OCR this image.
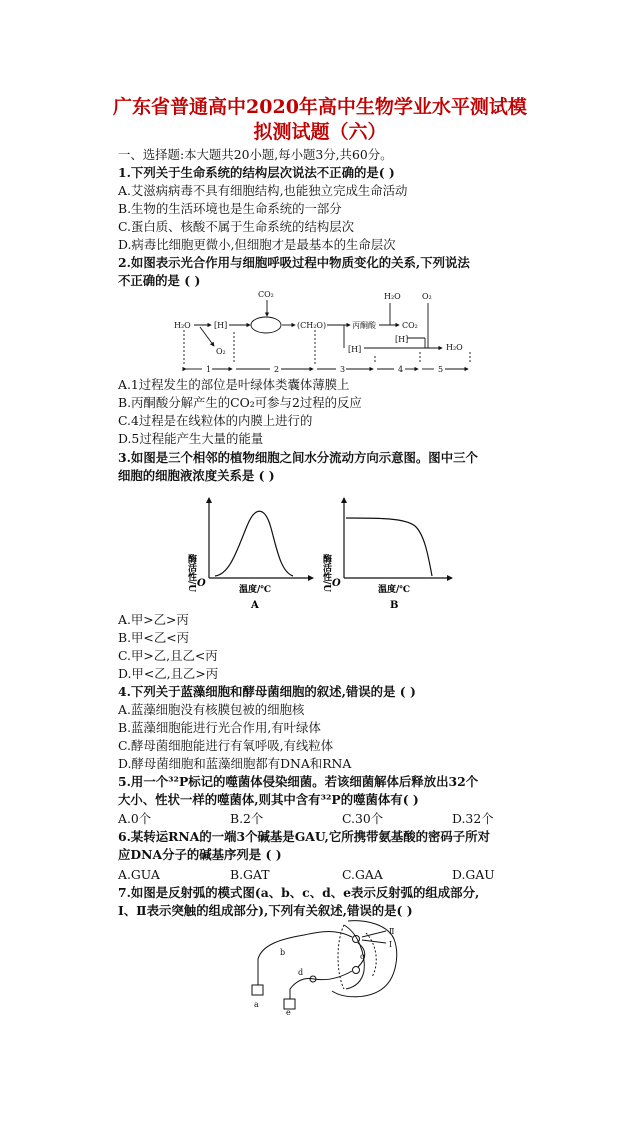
广东省普通高中2020年高中生物学业水平测试模
拟测试题（六）
一、选择题:本大题共20小题,每小题3分,共60分。
1.下列关于生命系统的结构层次说法不正确的是( )
A.艾滋病病毒不具有细胞结构,也能独立完成生命活动
B.生物的生活环境也是生命系统的一部分
C.蛋白质、核酸不属于生命系统的结构层次
D.病毒比细胞更微小,但细胞才是最基本的生命层次
2.如图表示光合作用与细胞呼吸过程中物质变化的关系,下列说法
不正确的是 ( )
CO₂
H₂O	[H]
O₂
(CH₂O)	丙酮酸
[H]
H₂O	O₂
CO₂
[H]
H₂O
1	2	3	4	5
A.1过程发生的部位是叶绿体类囊体薄膜上
B.丙酮酸分解产生的CO₂可参与2过程的反应
C.4过程是在线粒体的内膜上进行的
D.5过程能产生大量的能量
3.如图是三个相邻的植物细胞之间水分流动方向示意图。图中三个
细胞的细胞液浓度关系是 ( )
酶活性/U O
温度/℃
A
酶活性/U O
温度/℃
B
A.甲>乙>丙
B.甲<乙<丙
C.甲>乙,且乙<丙
D.甲<乙,且乙>丙
4.下列关于蓝藻细胞和酵母菌细胞的叙述,错误的是 ( )
A.蓝藻细胞没有核膜包被的细胞核
B.蓝藻细胞能进行光合作用,有叶绿体
C.酵母菌细胞能进行有氧呼吸,有线粒体
D.酵母菌细胞和蓝藻细胞都有DNA和RNA
5.用一个³²P标记的噬菌体侵染细菌。若该细菌解体后释放出32个
大小、性状一样的噬菌体,则其中含有³²P的噬菌体有( )
A.0个	B.2个	C.30个	D.32个
6.某转运RNA的一端3个碱基是GAU,它所携带氨基酸的密码子所对
应DNA分子的碱基序列是 ( )
A.GUA	B.GAT	C.GAA	D.GAU
7.如图是反射弧的模式图(a、b、c、d、e表示反射弧的组成部分,
Ⅰ、Ⅱ表示突触的组成部分),下列有关叙述,错误的是( )
a
b	c
d
e
Ⅱ
Ⅰ
